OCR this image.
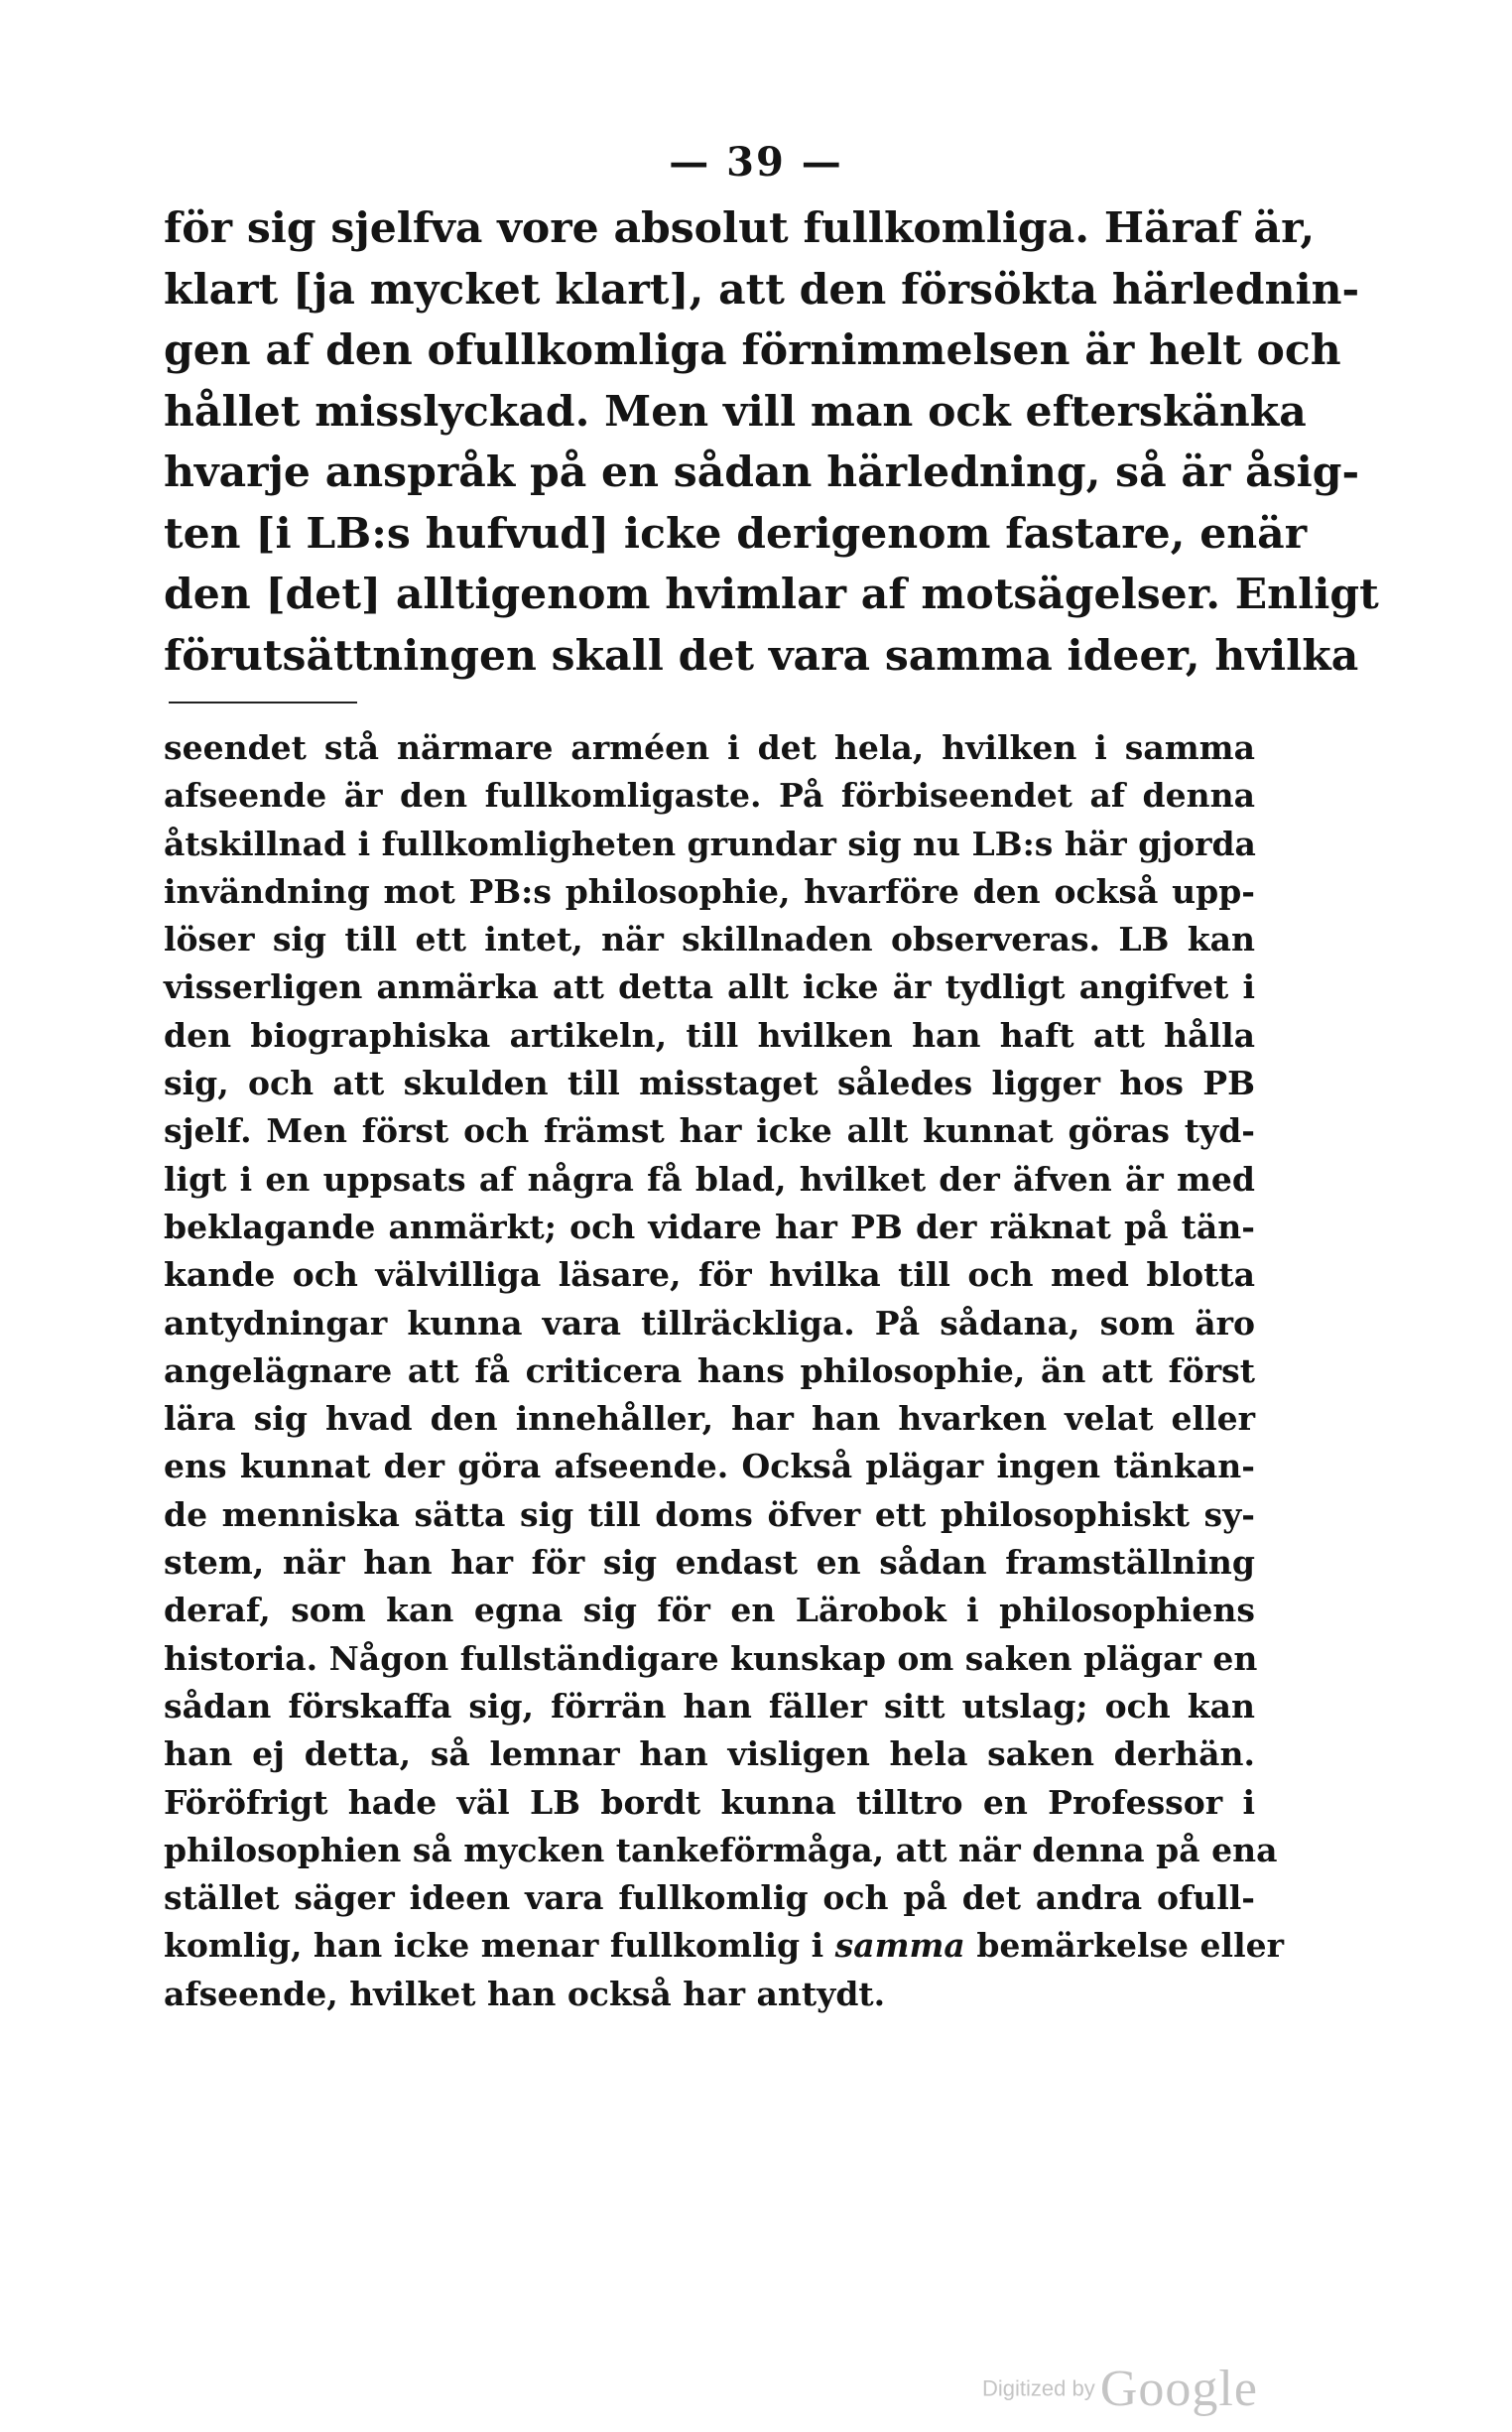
— 39 —
för sig sjelfva vore absolut fullkomliga. Häraf är,
klart [ja mycket klart], att den försökta härlednin-
gen af den ofullkomliga förnimmelsen är helt och
hållet misslyckad. Men vill man ock efterskänka
hvarje anspråk på en sådan härledning, så är åsig-
ten [i LB:s hufvud] icke derigenom fastare, enär
den [det] alltigenom hvimlar af motsägelser. Enligt
förutsättningen skall det vara samma ideer, hvilka
seendet stå närmare arméen i det hela, hvilken i samma
afseende är den fullkomligaste. På förbiseendet af denna
åtskillnad i fullkomligheten grundar sig nu LB:s här gjorda
invändning mot PB:s philosophie, hvarföre den också upp-
löser sig till ett intet, när skillnaden observeras. LB kan
visserligen anmärka att detta allt icke är tydligt angifvet i
den biographiska artikeln, till hvilken han haft att hålla
sig, och att skulden till misstaget således ligger hos PB
sjelf. Men först och främst har icke allt kunnat göras tyd-
ligt i en uppsats af några få blad, hvilket der äfven är med
beklagande anmärkt; och vidare har PB der räknat på tän-
kande och välvilliga läsare, för hvilka till och med blotta
antydningar kunna vara tillräckliga. På sådana, som äro
angelägnare att få criticera hans philosophie, än att först
lära sig hvad den innehåller, har han hvarken velat eller
ens kunnat der göra afseende. Också plägar ingen tänkan-
de menniska sätta sig till doms öfver ett philosophiskt sy-
stem, när han har för sig endast en sådan framställning
deraf, som kan egna sig för en Lärobok i philosophiens
historia. Någon fullständigare kunskap om saken plägar en
sådan förskaffa sig, förrän han fäller sitt utslag; och kan
han ej detta, så lemnar han visligen hela saken derhän.
Föröfrigt hade väl LB bordt kunna tilltro en Professor i
philosophien så mycken tankeförmåga, att när denna på ena
stället säger ideen vara fullkomlig och på det andra ofull-
komlig, han icke menar fullkomlig i samma bemärkelse eller
afseende, hvilket han också har antydt.
Digitized by Google
